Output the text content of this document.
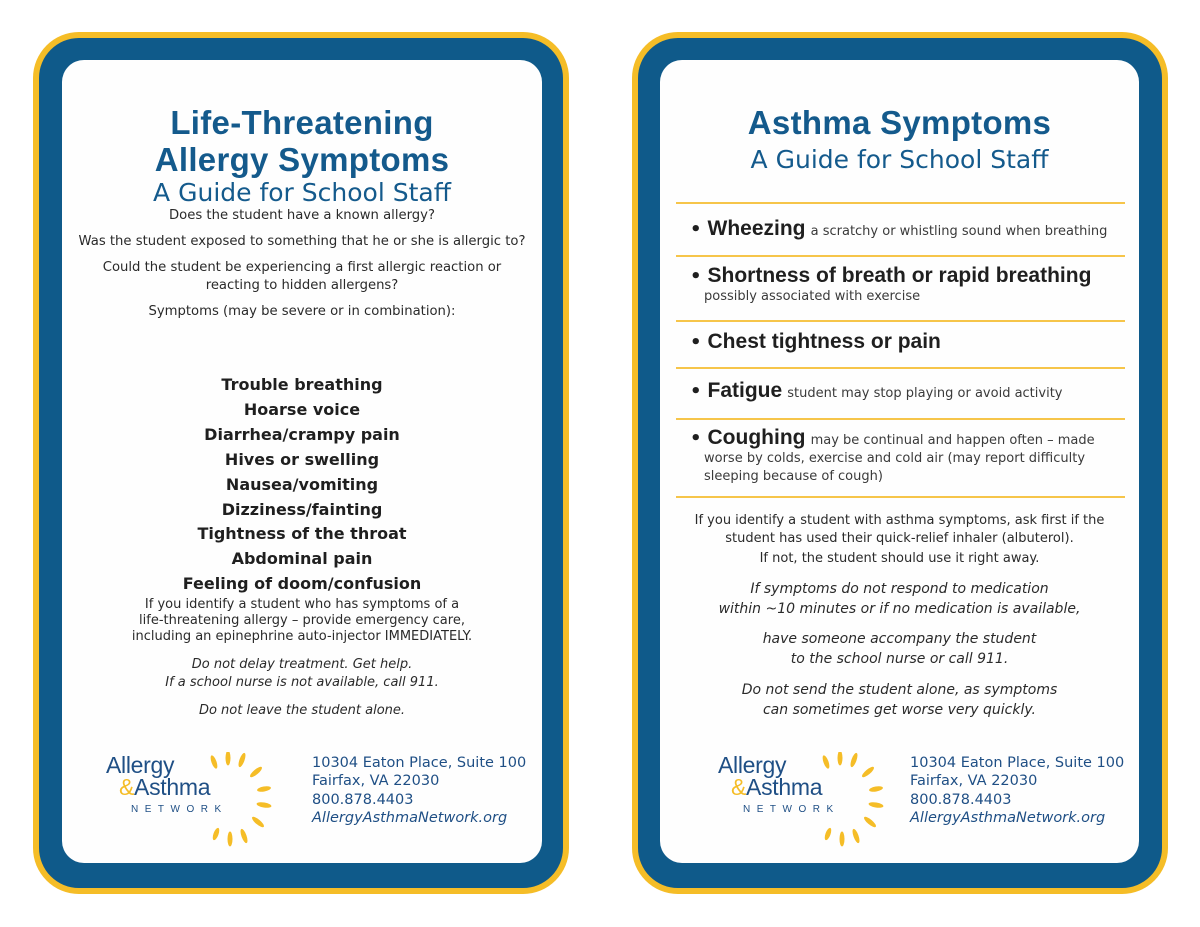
Life-Threatening
Allergy Symptoms
A Guide for School Staff
Does the student have a known allergy?
Was the student exposed to something that he or she is allergic to?
Could the student be experiencing a first allergic reaction or
reacting to hidden allergens?
Symptoms (may be severe or in combination):
Trouble breathing
Hoarse voice
Diarrhea/crampy pain
Hives or swelling
Nausea/vomiting
Dizziness/fainting
Tightness of the throat
Abdominal pain
Feeling of doom/confusion
If you identify a student who has symptoms of a
life-threatening allergy – provide emergency care,
including an epinephrine auto-injector IMMEDIATELY.
Do not delay treatment. Get help.
If a school nurse is not available, call 911.
Do not leave the student alone.
Allergy
&Asthma
NETWORK
10304 Eaton Place, Suite 100
Fairfax, VA 22030
800.878.4403
AllergyAsthmaNetwork.org
Asthma Symptoms
A Guide for School Staff
• Wheezing a scratchy or whistling sound when breathing
• Shortness of breath or rapid breathing
possibly associated with exercise
• Chest tightness or pain
• Fatigue student may stop playing or avoid activity
• Coughing may be continual and happen often – made
worse by colds, exercise and cold air (may report difficulty
sleeping because of cough)
If you identify a student with asthma symptoms, ask first if the
student has used their quick-relief inhaler (albuterol).
If not, the student should use it right away.
If symptoms do not respond to medication
within ~10 minutes or if no medication is available,
have someone accompany the student
to the school nurse or call 911.
Do not send the student alone, as symptoms
can sometimes get worse very quickly.
Allergy
&Asthma
NETWORK
10304 Eaton Place, Suite 100
Fairfax, VA 22030
800.878.4403
AllergyAsthmaNetwork.org
